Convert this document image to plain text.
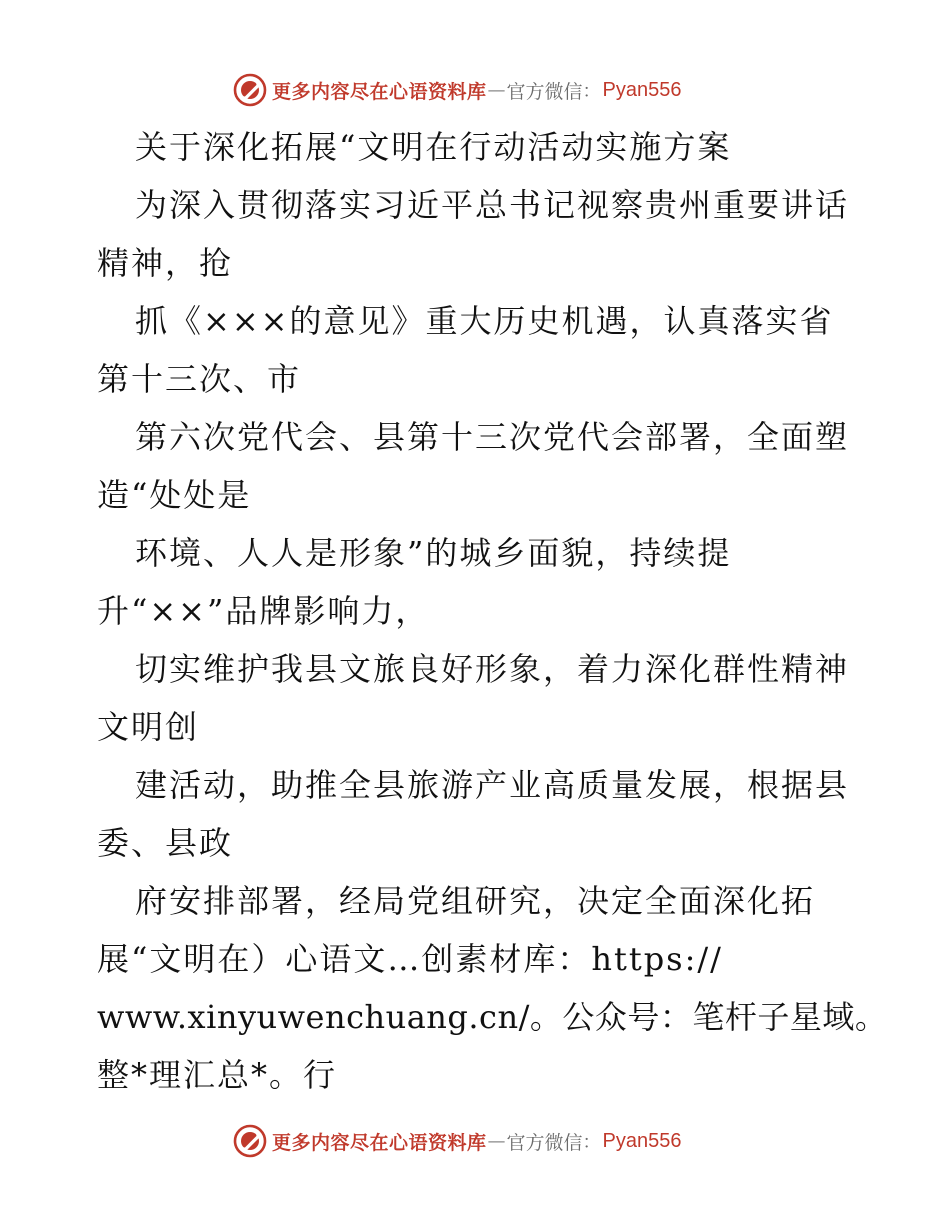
更多内容尽在心语资料库 — 官方微信 ： Pyan556
关于深化拓展“文明在行动活动实施方案
为深入贯彻落实习近平总书记视察贵州重要讲话
精神，抢
抓《×××的意见》重大历史机遇，认真落实省
第十三次、市
第六次党代会、县第十三次党代会部署，全面塑
造“处处是
环境、人人是形象”的城乡面貌，持续提
升“××”品牌影响力，
切实维护我县文旅良好形象，着力深化群性精神
文明创
建活动，助推全县旅游产业高质量发展，根据县
委、县政
府安排部署，经局党组研究，决定全面深化拓
展“文明在）心语文…创素材库：https://
www.xinyuwenchuang.cn/。公众号：笔杆子星域。
整*理汇总*。行
更多内容尽在心语资料库 — 官方微信 ： Pyan556
